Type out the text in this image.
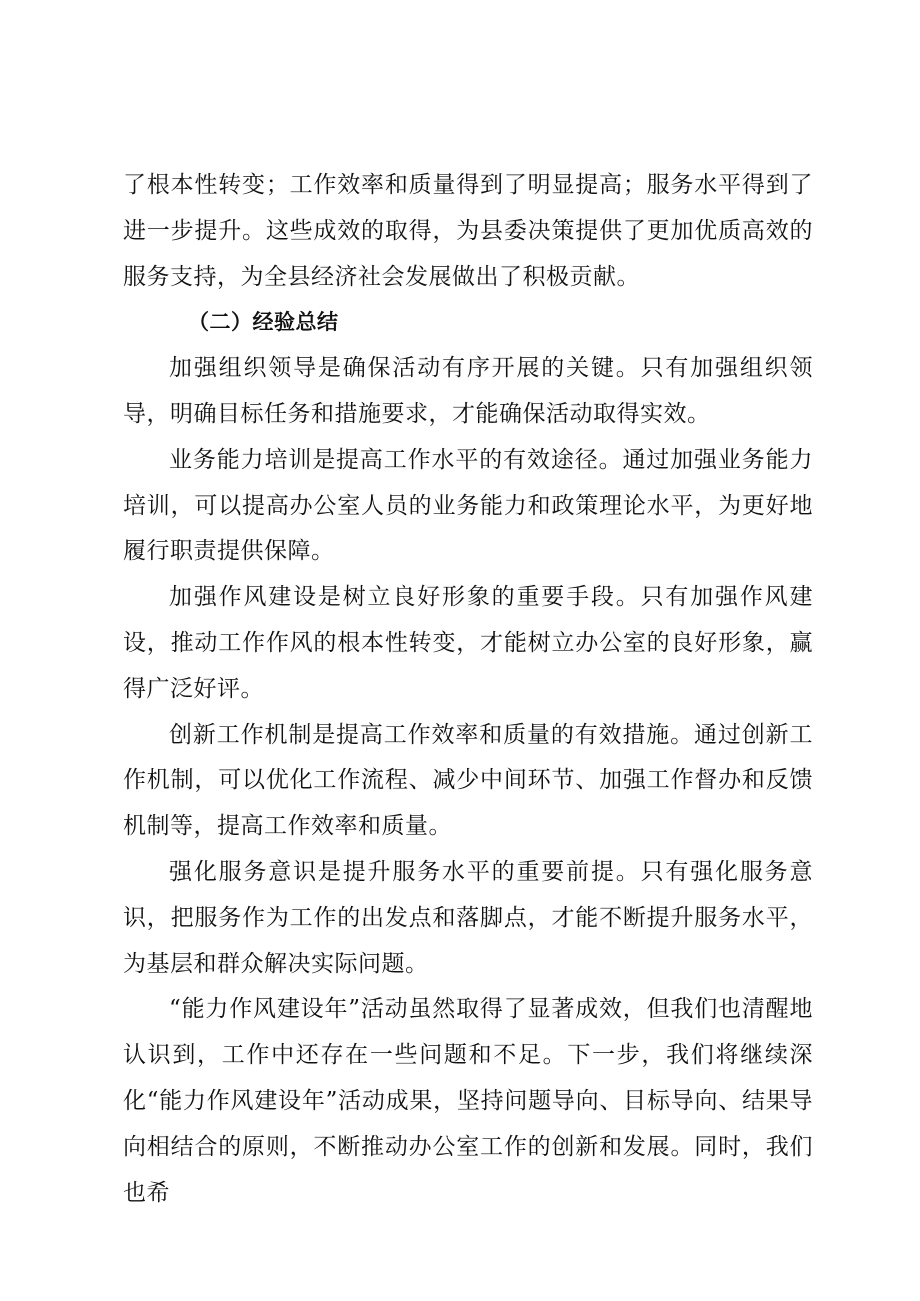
了根本性转变；工作效率和质量得到了明显提高；服务水平得到了进一步提升。这些成效的取得，为县委决策提供了更加优质高效的服务支持，为全县经济社会发展做出了积极贡献。

（二）经验总结

加强组织领导是确保活动有序开展的关键。只有加强组织领导，明确目标任务和措施要求，才能确保活动取得实效。

业务能力培训是提高工作水平的有效途径。通过加强业务能力培训，可以提高办公室人员的业务能力和政策理论水平，为更好地履行职责提供保障。

加强作风建设是树立良好形象的重要手段。只有加强作风建设，推动工作作风的根本性转变，才能树立办公室的良好形象，赢得广泛好评。

创新工作机制是提高工作效率和质量的有效措施。通过创新工作机制，可以优化工作流程、减少中间环节、加强工作督办和反馈机制等，提高工作效率和质量。

强化服务意识是提升服务水平的重要前提。只有强化服务意识，把服务作为工作的出发点和落脚点，才能不断提升服务水平，为基层和群众解决实际问题。

“能力作风建设年”活动虽然取得了显著成效，但我们也清醒地认识到，工作中还存在一些问题和不足。下一步，我们将继续深化“能力作风建设年”活动成果，坚持问题导向、目标导向、结果导向相结合的原则，不断推动办公室工作的创新和发展。同时，我们也希
